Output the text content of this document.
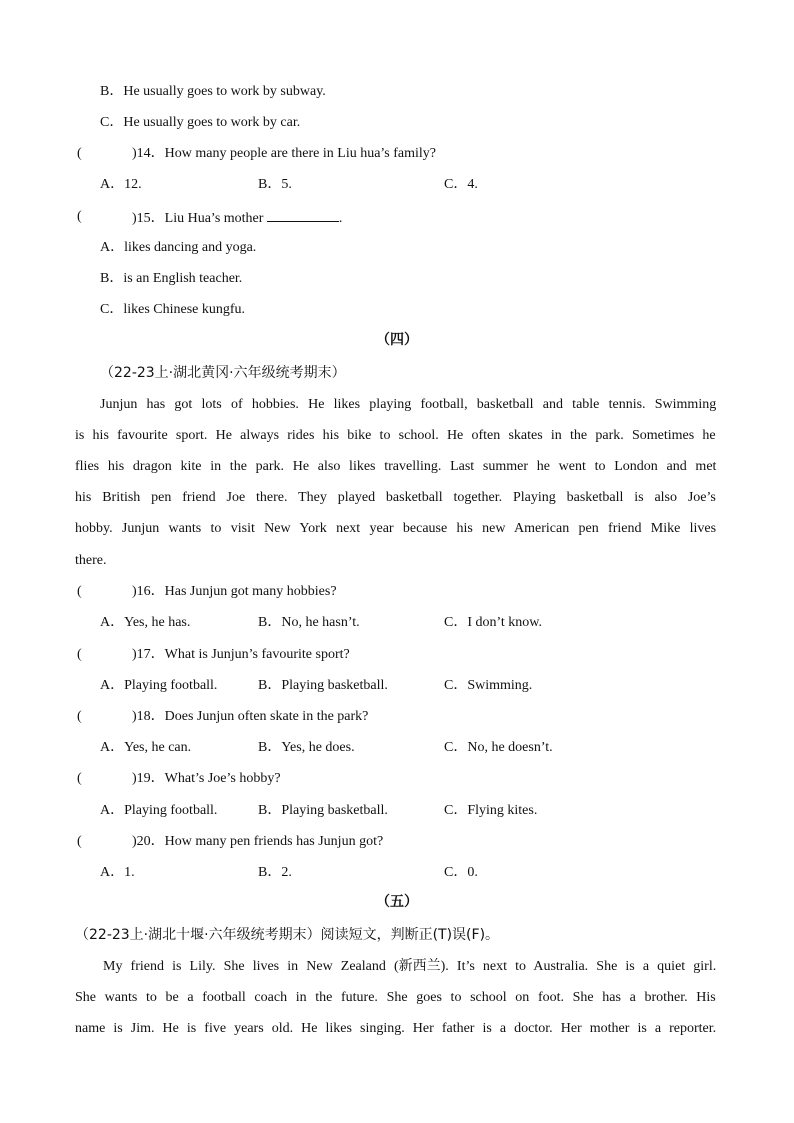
B．He usually goes to work by subway.
C．He usually goes to work by car.
(	)14．How many people are there in Liu hua’s family?
A．12.	B．5.	C．4.
(	)15．Liu Hua’s mother	.
A．likes dancing and yoga.
B．is an English teacher.
C．likes Chinese kungfu.
（四）
（22-23上·湖北黄冈·六年级统考期末）
Junjun has got lots of hobbies. He likes playing football, basketball and table tennis. Swimming
is his favourite sport. He always rides his bike to school. He often skates in the park. Sometimes he
flies his dragon kite in the park. He also likes travelling. Last summer he went to London and met
his British pen friend Joe there. They played basketball together. Playing basketball is also Joe’s
hobby. Junjun wants to visit New York next year because his new American pen friend Mike lives
there.
(	)16．Has Junjun got many hobbies?
A．Yes, he has.	B．No, he hasn’t.	C．I don’t know.
(	)17．What is Junjun’s favourite sport?
A．Playing football.	B．Playing basketball.	C．Swimming.
(	)18．Does Junjun often skate in the park?
A．Yes, he can.	B．Yes, he does.	C．No, he doesn’t.
(	)19．What’s Joe’s hobby?
A．Playing football.	B．Playing basketball.	C．Flying kites.
(	)20．How many pen friends has Junjun got?
A．1.	B．2.	C．0.
（五）
（22-23上·湖北十堰·六年级统考期末）阅读短文，判断正(T)误(F)。
My friend is Lily. She lives in New Zealand (新西兰). It’s next to Australia. She is a quiet girl.
She wants to be a football coach in the future. She goes to school on foot. She has a brother. His
name is Jim. He is five years old. He likes singing. Her father is a doctor. Her mother is a reporter.
